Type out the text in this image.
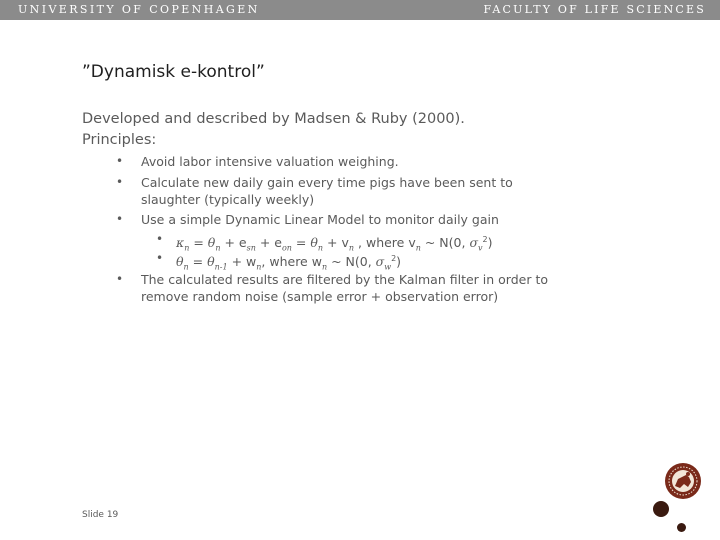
UNIVERSITY OF COPENHAGEN	FACULTY OF LIFE SCIENCES
”Dynamisk e-kontrol”
Developed and described by Madsen & Ruby (2000).
Principles:
• Avoid labor intensive valuation weighing.
• Calculate new daily gain every time pigs have been sent to
slaughter (typically weekly)
• Use a simple Dynamic Linear Model to monitor daily gain
• $\kappa_n = \theta_n + e_{sn} + e_{on} = \theta_n + v_n$ , where $v_n$ ~ N(0, $\sigma_v^2$)
• $\theta_n = \theta_{n-1} + w_n$, where $w_n$ ~ N(0, $\sigma_w^2$)
• The calculated results are filtered by the Kalman filter in order to
remove random noise (sample error + observation error)
Slide 19
